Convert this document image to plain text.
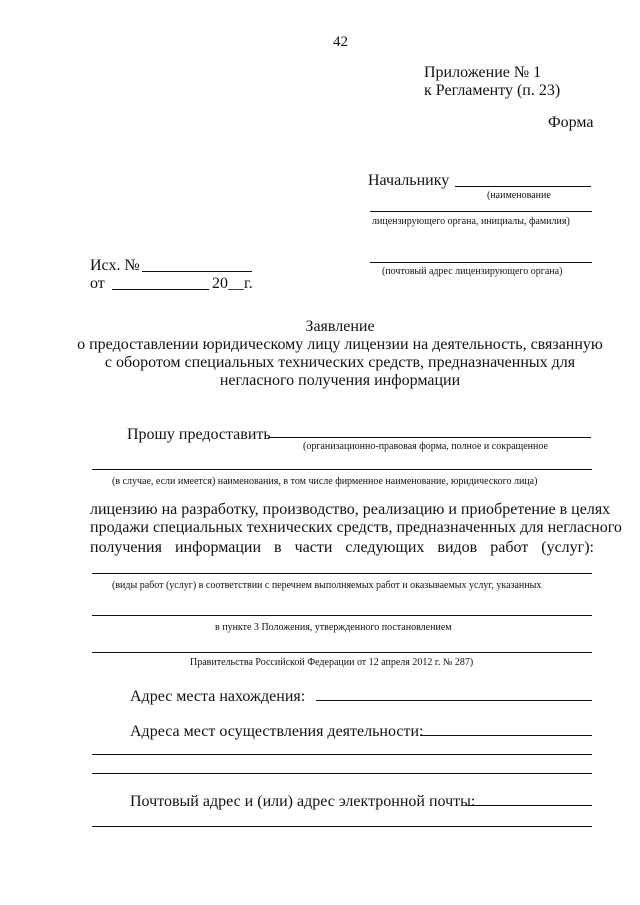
42
Приложение № 1
к Регламенту (п. 23)
Форма
Начальнику
(наименование
лицензирующего органа, инициалы, фамилия)
(почтовый адрес лицензирующего органа)
Исх. №
от	20__г.
Заявление
о предоставлении юридическому лицу лицензии на деятельность, связанную
с оборотом специальных технических средств, предназначенных для
негласного получения информации
Прошу предоставить
(организационно-правовая форма, полное и сокращенное
(в случае, если имеется) наименования, в том числе фирменное наименование, юридического лица)
лицензию на разработку, производство, реализацию и приобретение в целях
продажи специальных технических средств, предназначенных для негласного
получения информации в части следующих видов работ (услуг):
(виды работ (услуг) в соответствии с перечнем выполняемых работ и оказываемых услуг, указанных
в пункте 3 Положения, утвержденного постановлением
Правительства Российской Федерации от 12 апреля 2012 г. № 287)
Адрес места нахождения:
Адреса мест осуществления деятельности:
Почтовый адрес и (или) адрес электронной почты:
